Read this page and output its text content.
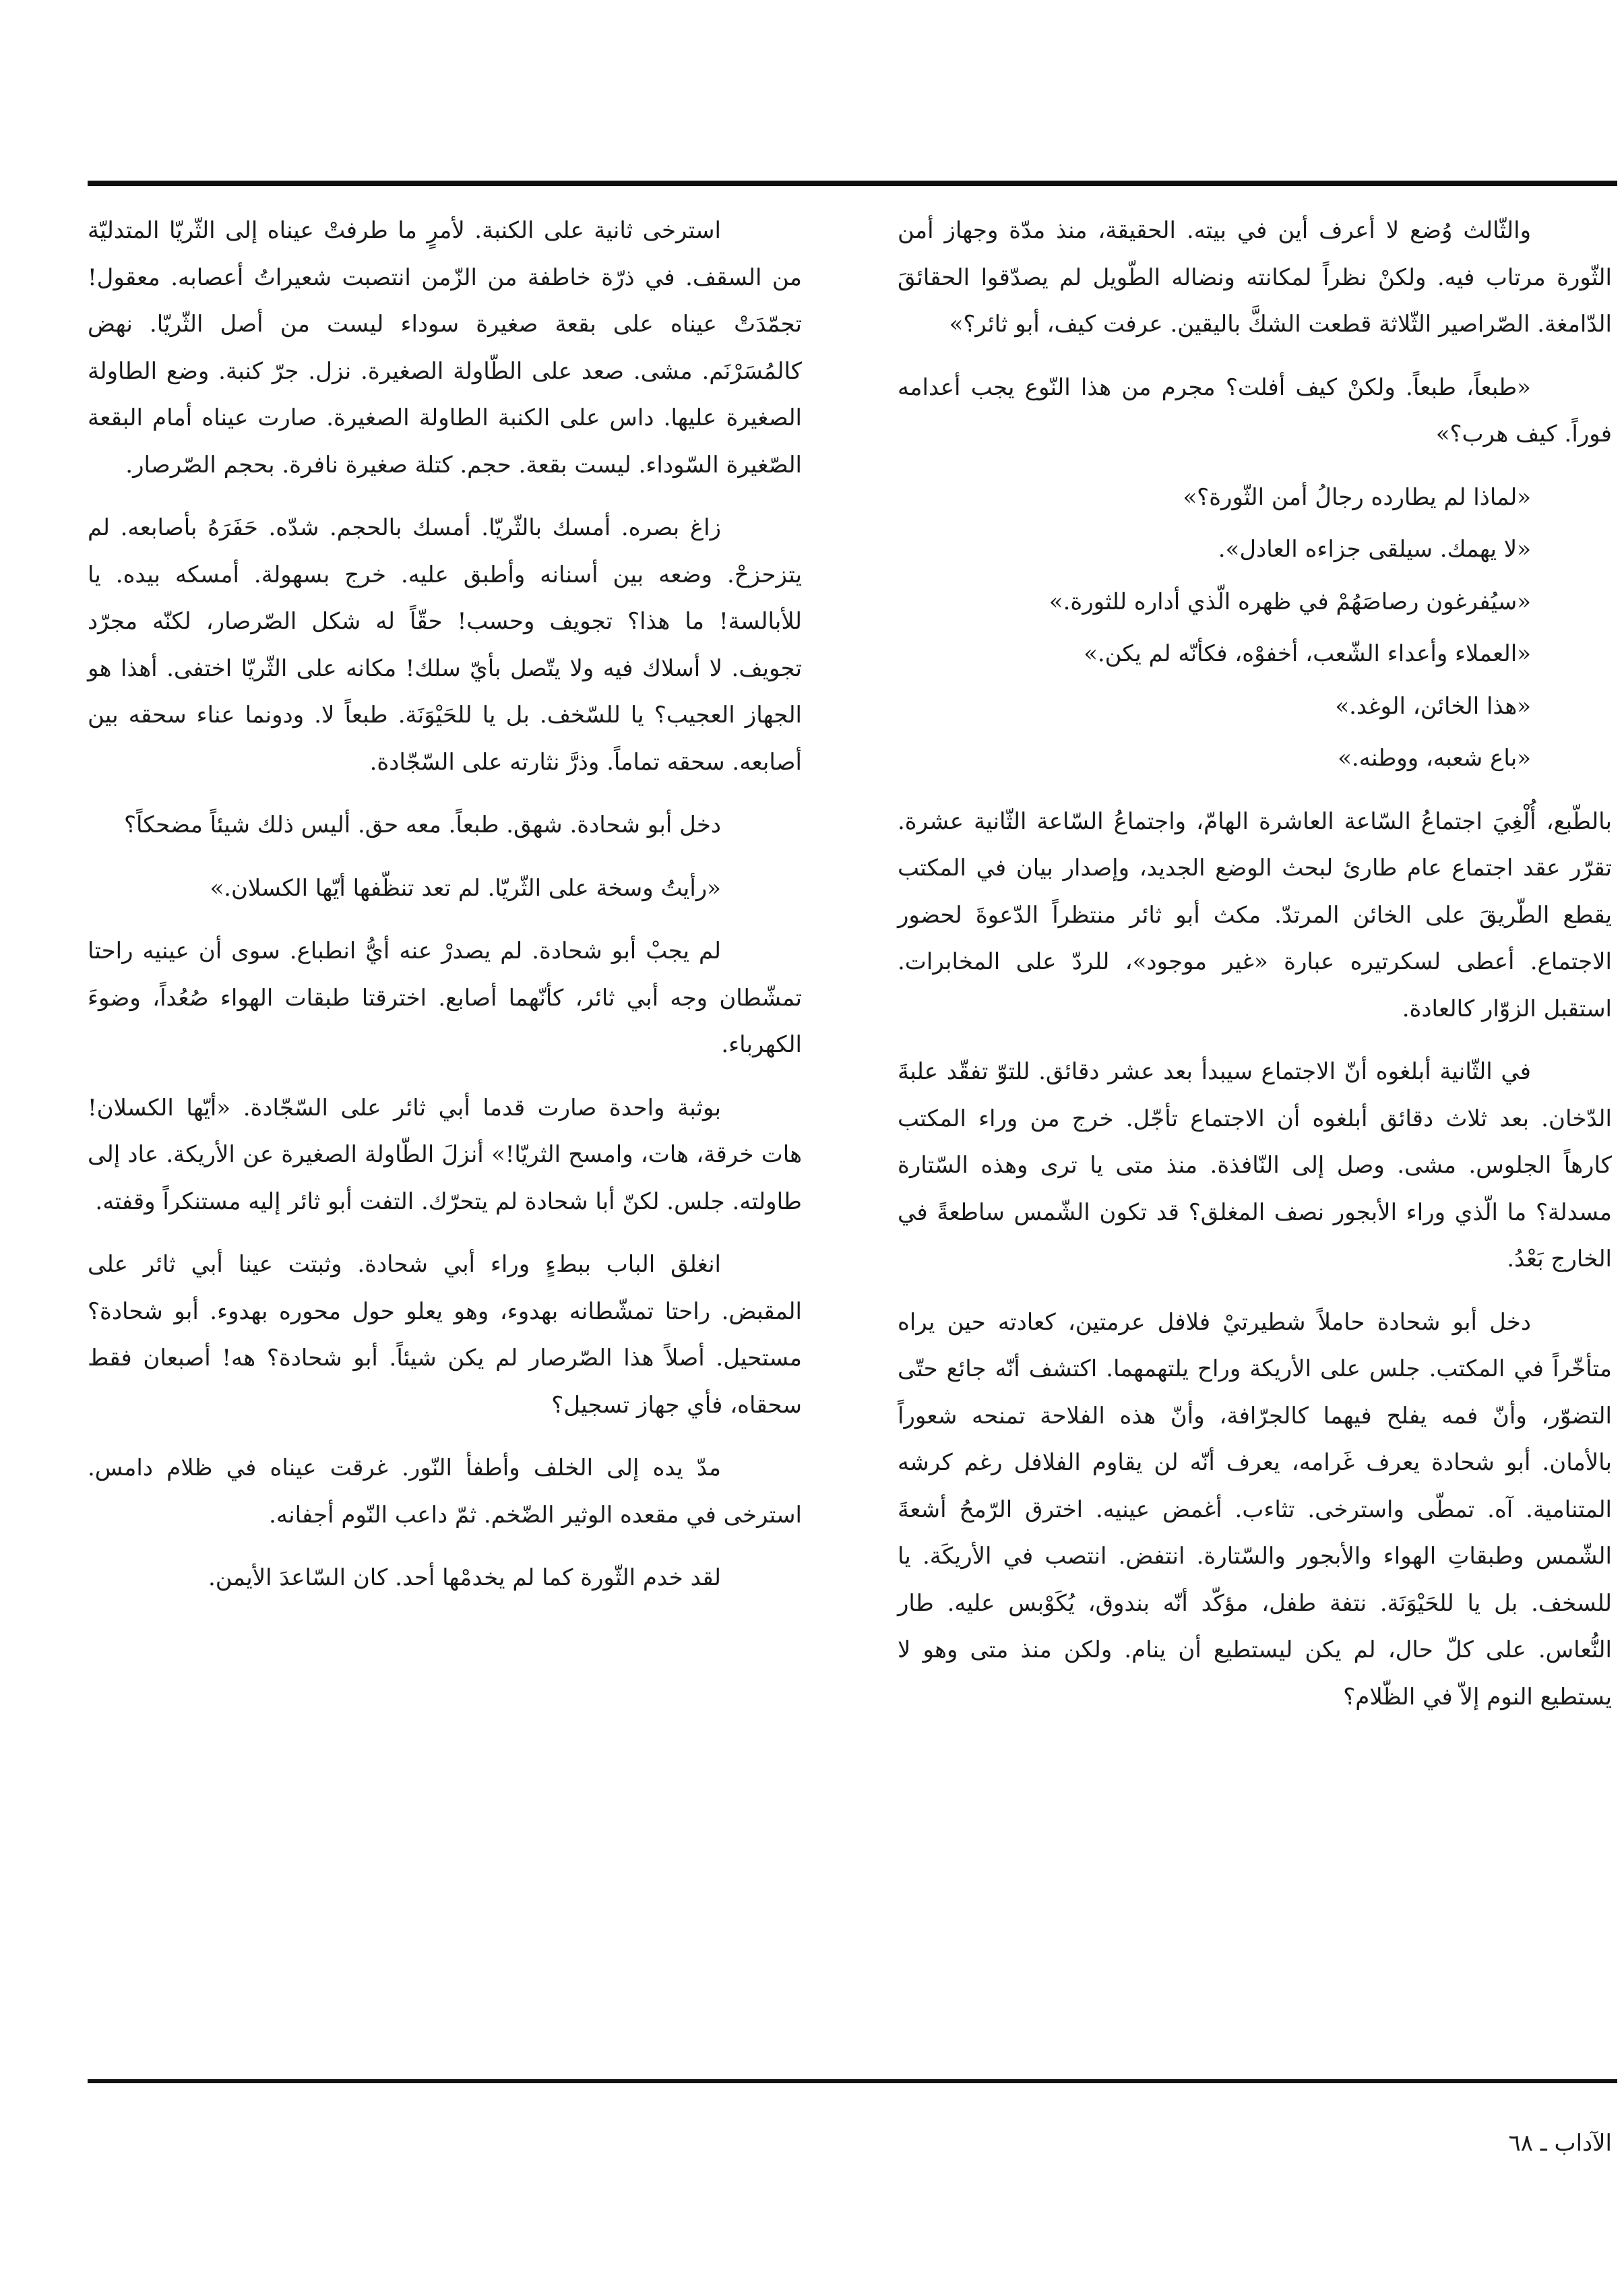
والثّالث وُضع لا أعرف أين في بيته. الحقيقة، منذ مدّة وجهاز أمن الثّورة مرتاب فيه. ولكنْ نظراً لمكانته ونضاله الطّويل لم يصدّقوا الحقائقَ الدّامغة. الصّراصير الثّلاثة قطعت الشكَّ باليقين. عرفت كيف، أبو ثائر؟»

«طبعاً، طبعاً. ولكنْ كيف أفلت؟ مجرم من هذا النّوع يجب أعدامه فوراً. كيف هرب؟»

«لماذا لم يطارده رجالُ أمن الثّورة؟»

«لا يهمك. سيلقى جزاءه العادل».

«سيُفرغون رصاصَهُمْ في ظهره الّذي أداره للثورة.»

«العملاء وأعداء الشّعب، أخفوْه، فكأنّه لم يكن.»

«هذا الخائن، الوغد.»

«باع شعبه، ووطنه.»

بالطّبع، أُلْغِيَ اجتماعُ السّاعة العاشرة الهامّ، واجتماعُ السّاعة الثّانية عشرة. تقرّر عقد اجتماع عام طارئ لبحث الوضع الجديد، وإصدار بيان في المكتب يقطع الطّريقَ على الخائن المرتدّ. مكث أبو ثائر منتظراً الدّعوةَ لحضور الاجتماع. أعطى لسكرتيره عبارة «غير موجود»، للردّ على المخابرات. استقبل الزوّار كالعادة.

في الثّانية أبلغوه أنّ الاجتماع سيبدأ بعد عشر دقائق. للتوّ تفقّد علبةَ الدّخان. بعد ثلاث دقائق أبلغوه أن الاجتماع تأجّل. خرج من وراء المكتب كارهاً الجلوس. مشى. وصل إلى النّافذة. منذ متى يا ترى وهذه السّتارة مسدلة؟ ما الّذي وراء الأبجور نصف المغلق؟ قد تكون الشّمس ساطعةً في الخارج بَعْدُ.

دخل أبو شحادة حاملاً شطيرتيْ فلافل عرمتين، كعادته حين يراه متأخّراً في المكتب. جلس على الأريكة وراح يلتهمهما. اكتشف أنّه جائع حتّى التضوّر، وأنّ فمه يفلح فيهما كالجرّافة، وأنّ هذه الفلاحة تمنحه شعوراً بالأمان. أبو شحادة يعرف غَرامه، يعرف أنّه لن يقاوم الفلافل رغم كرشه المتنامية. آه. تمطّى واسترخى. تثاءب. أغمض عينيه. اخترق الرّمحُ أشعةَ الشّمس وطبقاتِ الهواء والأبجور والسّتارة. انتفض. انتصب في الأريكَة. يا للسخف. بل يا للحَيْوَنَة. نتفة طفل، مؤكّد أنّه بندوق، يُكَوْبس عليه. طار النُّعاس. على كلّ حال، لم يكن ليستطيع أن ينام. ولكن منذ متى وهو لا يستطيع النوم إلاّ في الظّلام؟

استرخى ثانية على الكنبة. لأمرٍ ما طرفتْ عيناه إلى الثّريّا المتدليّة من السقف. في ذرّة خاطفة من الزّمن انتصبت شعيراتُ أعصابه. معقول! تجمّدَتْ عيناه على بقعة صغيرة سوداء ليست من أصل الثّريّا. نهض كالمُسَرْنَم. مشى. صعد على الطّاولة الصغيرة. نزل. جرّ كنبة. وضع الطاولة الصغيرة عليها. داس على الكنبة الطاولة الصغيرة. صارت عيناه أمام البقعة الصّغيرة السّوداء. ليست بقعة. حجم. كتلة صغيرة نافرة. بحجم الصّرصار.

زاغ بصره. أمسك بالثّريّا. أمسك بالحجم. شدّه. حَفَرَهُ بأصابعه. لم يتزحزحْ. وضعه بين أسنانه وأطبق عليه. خرج بسهولة. أمسكه بيده. يا للأبالسة! ما هذا؟ تجويف وحسب! حقّاً له شكل الصّرصار، لكنّه مجرّد تجويف. لا أسلاك فيه ولا يتّصل بأيّ سلك! مكانه على الثّريّا اختفى. أهذا هو الجهاز العجيب؟ يا للسّخف. بل يا للحَيْوَنَة. طبعاً لا. ودونما عناء سحقه بين أصابعه. سحقه تماماً. وذرَّ نثارته على السّجّادة.

دخل أبو شحادة. شهق. طبعاً. معه حق. أليس ذلك شيئاً مضحكاً؟

«رأيتُ وسخة على الثّريّا. لم تعد تنظّفها أيّها الكسلان.»

لم يجبْ أبو شحادة. لم يصدرْ عنه أيُّ انطباع. سوى أن عينيه راحتا تمشّطان وجه أبي ثائر، كأنّهما أصابع. اخترقتا طبقات الهواء صُعُداً، وضوءَ الكهرباء.

بوثبة واحدة صارت قدما أبي ثائر على السّجّادة. «أيّها الكسلان! هات خرقة، هات، وامسح الثريّا!» أنزلَ الطّاولة الصغيرة عن الأريكة. عاد إلى طاولته. جلس. لكنّ أبا شحادة لم يتحرّك. التفت أبو ثائر إليه مستنكراً وقفته.

انغلق الباب ببطءٍ وراء أبي شحادة. وثبتت عينا أبي ثائر على المقبض. راحتا تمشّطانه بهدوء، وهو يعلو حول محوره بهدوء. أبو شحادة؟ مستحيل. أصلاً هذا الصّرصار لم يكن شيئاً. أبو شحادة؟ هه! أصبعان فقط سحقاه، فأي جهاز تسجيل؟

مدّ يده إلى الخلف وأطفأ النّور. غرقت عيناه في ظلام دامس. استرخى في مقعده الوثير الضّخم. ثمّ داعب النّوم أجفانه.

لقد خدم الثّورة كما لم يخدمْها أحد. كان السّاعدَ الأيمن.

الآداب ـ ٦٨
